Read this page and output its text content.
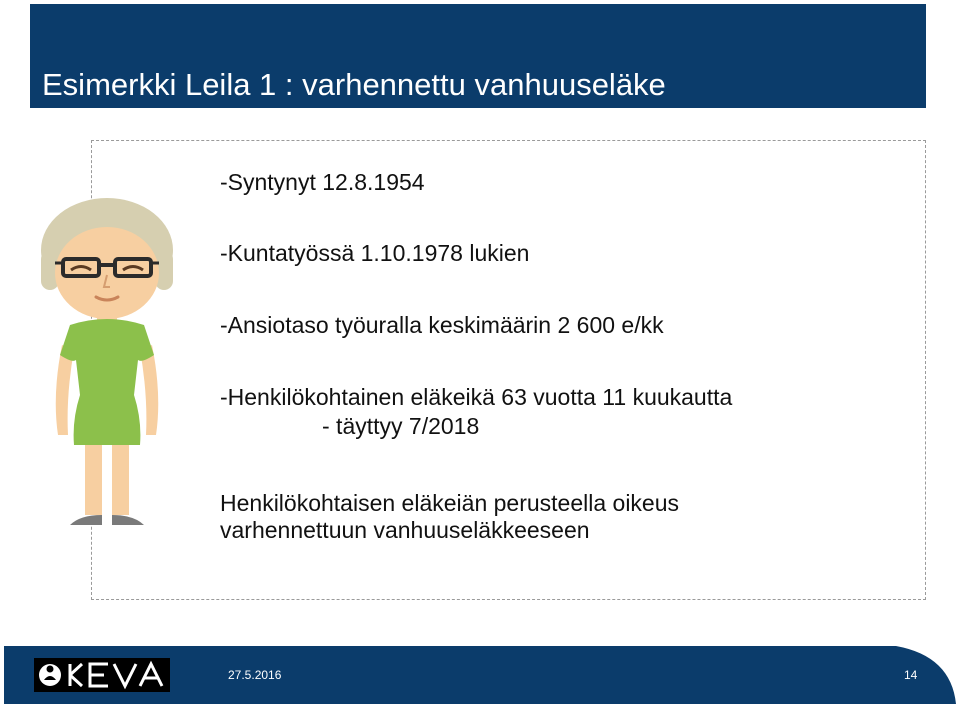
Esimerkki Leila 1 : varhennettu vanhuuseläke
-Syntynyt 12.8.1954
-Kuntatyössä 1.10.1978 lukien
-Ansiotaso työuralla keskimäärin 2 600 e/kk
-Henkilökohtainen eläkeikä 63 vuotta 11 kuukautta
- täyttyy 7/2018
Henkilökohtaisen eläkeiän perusteella oikeus
varhennettuun vanhuuseläkkeeseen
27.5.2016	14
